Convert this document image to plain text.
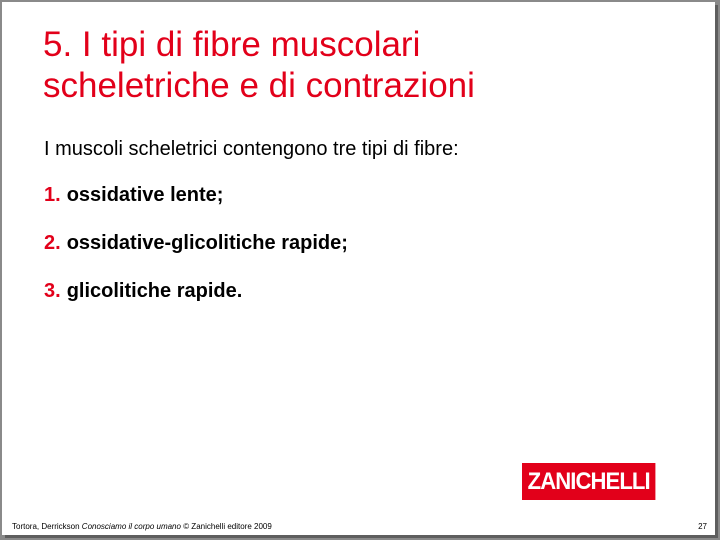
5. I tipi di fibre muscolari
scheletriche e di contrazioni

I muscoli scheletrici contengono tre tipi di fibre:

1. ossidative lente;
2. ossidative-glicolitiche rapide;
3. glicolitiche rapide.
ZANICHELLI
Tortora, Derrickson Conosciamo il corpo umano © Zanichelli editore 2009	27
